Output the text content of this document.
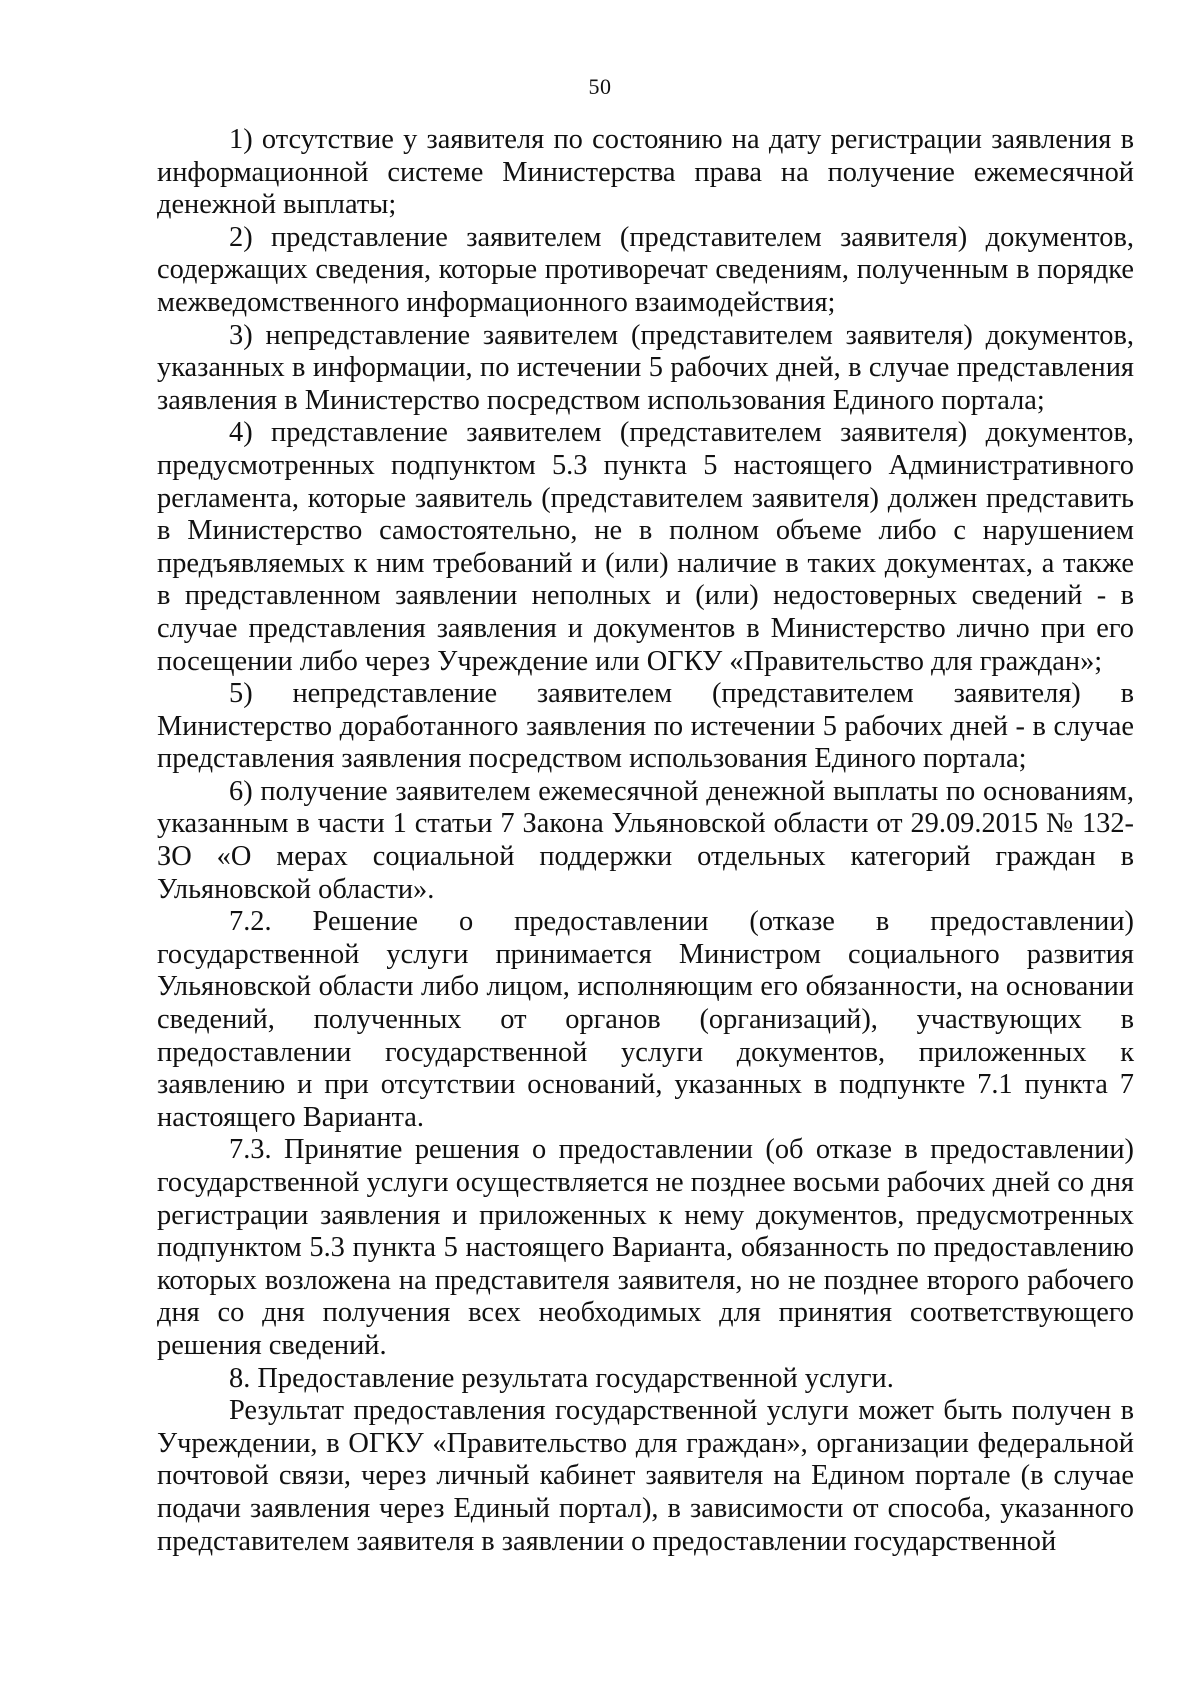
50

1) отсутствие у заявителя по состоянию на дату регистрации заявления в информационной системе Министерства права на получение ежемесячной денежной выплаты;

2) представление заявителем (представителем заявителя) документов, содержащих сведения, которые противоречат сведениям, полученным в порядке межведомственного информационного взаимодействия;

3) непредставление заявителем (представителем заявителя) документов, указанных в информации, по истечении 5 рабочих дней, в случае представления заявления в Министерство посредством использования Единого портала;

4) представление заявителем (представителем заявителя) документов, предусмотренных подпунктом 5.3 пункта 5 настоящего Административного регламента, которые заявитель (представителем заявителя) должен представить в Министерство самостоятельно, не в полном объеме либо с нарушением предъявляемых к ним требований и (или) наличие в таких документах, а также в представленном заявлении неполных и (или) недостоверных сведений - в случае представления заявления и документов в Министерство лично при его посещении либо через Учреждение или ОГКУ «Правительство для граждан»;

5) непредставление заявителем (представителем заявителя) в Министерство доработанного заявления по истечении 5 рабочих дней - в случае представления заявления посредством использования Единого портала;

6) получение заявителем ежемесячной денежной выплаты по основаниям, указанным в части 1 статьи 7 Закона Ульяновской области от 29.09.2015 № 132-ЗО «О мерах социальной поддержки отдельных категорий граждан в Ульяновской области».

7.2. Решение о предоставлении (отказе в предоставлении) государственной услуги принимается Министром социального развития Ульяновской области либо лицом, исполняющим его обязанности, на основании сведений, полученных от органов (организаций), участвующих в предоставлении государственной услуги документов, приложенных к заявлению и при отсутствии оснований, указанных в подпункте 7.1 пункта 7 настоящего Варианта.

7.3. Принятие решения о предоставлении (об отказе в предоставлении) государственной услуги осуществляется не позднее восьми рабочих дней со дня регистрации заявления и приложенных к нему документов, предусмотренных подпунктом 5.3 пункта 5 настоящего Варианта, обязанность по предоставлению которых возложена на представителя заявителя, но не позднее второго рабочего дня со дня получения всех необходимых для принятия соответствующего решения сведений.

8. Предоставление результата государственной услуги.

Результат предоставления государственной услуги может быть получен в Учреждении, в ОГКУ «Правительство для граждан», организации федеральной почтовой связи, через личный кабинет заявителя на Едином портале (в случае подачи заявления через Единый портал), в зависимости от способа, указанного представителем заявителя в заявлении о предоставлении государственной
